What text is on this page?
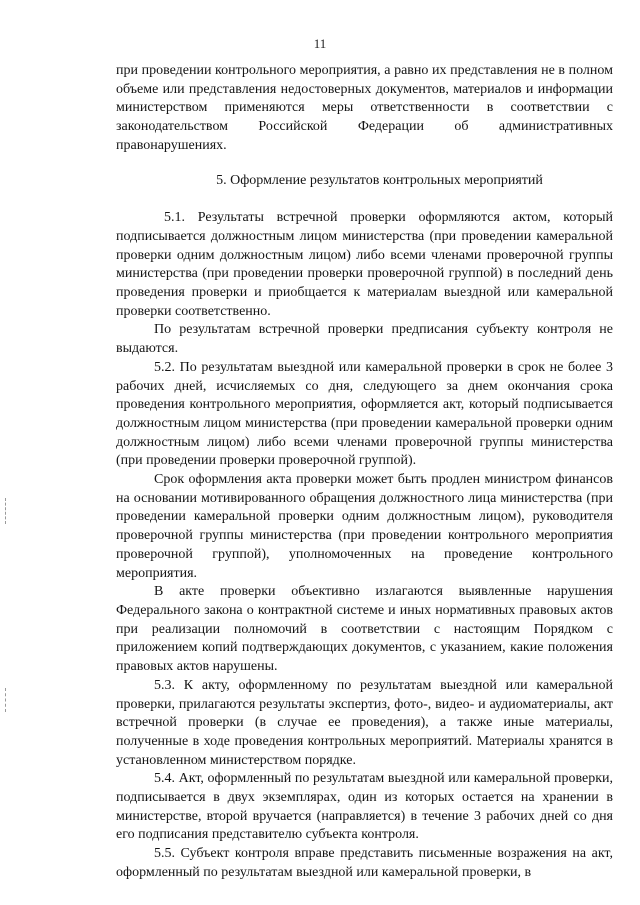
11

при проведении контрольного мероприятия, а равно их представления не в полном объеме или представления недостоверных документов, материалов и информации министерством применяются меры ответственности в соответствии с законодательством Российской Федерации об административных правонарушениях.

5. Оформление результатов контрольных мероприятий

5.1. Результаты встречной проверки оформляются актом, который подписывается должностным лицом министерства (при проведении камеральной проверки одним должностным лицом) либо всеми членами проверочной группы министерства (при проведении проверки проверочной группой) в последний день проведения проверки и приобщается к материалам выездной или камеральной проверки соответственно.

По результатам встречной проверки предписания субъекту контроля не выдаются.

5.2. По результатам выездной или камеральной проверки в срок не более 3 рабочих дней, исчисляемых со дня, следующего за днем окончания срока проведения контрольного мероприятия, оформляется акт, который подписывается должностным лицом министерства (при проведении камеральной проверки одним должностным лицом) либо всеми членами проверочной группы министерства (при проведении проверки проверочной группой).

Срок оформления акта проверки может быть продлен министром финансов на основании мотивированного обращения должностного лица министерства (при проведении камеральной проверки одним должностным лицом), руководителя проверочной группы министерства (при проведении контрольного мероприятия проверочной группой), уполномоченных на проведение контрольного мероприятия.

В акте проверки объективно излагаются выявленные нарушения Федерального закона о контрактной системе и иных нормативных правовых актов при реализации полномочий в соответствии с настоящим Порядком с приложением копий подтверждающих документов, с указанием, какие положения правовых актов нарушены.

5.3. К акту, оформленному по результатам выездной или камеральной проверки, прилагаются результаты экспертиз, фото-, видео- и аудиоматериалы, акт встречной проверки (в случае ее проведения), а также иные материалы, полученные в ходе проведения контрольных мероприятий. Материалы хранятся в установленном министерством порядке.

5.4. Акт, оформленный по результатам выездной или камеральной проверки, подписывается в двух экземплярах, один из которых остается на хранении в министерстве, второй вручается (направляется) в течение 3 рабочих дней со дня его подписания представителю субъекта контроля.

5.5. Субъект контроля вправе представить письменные возражения на акт, оформленный по результатам выездной или камеральной проверки, в
